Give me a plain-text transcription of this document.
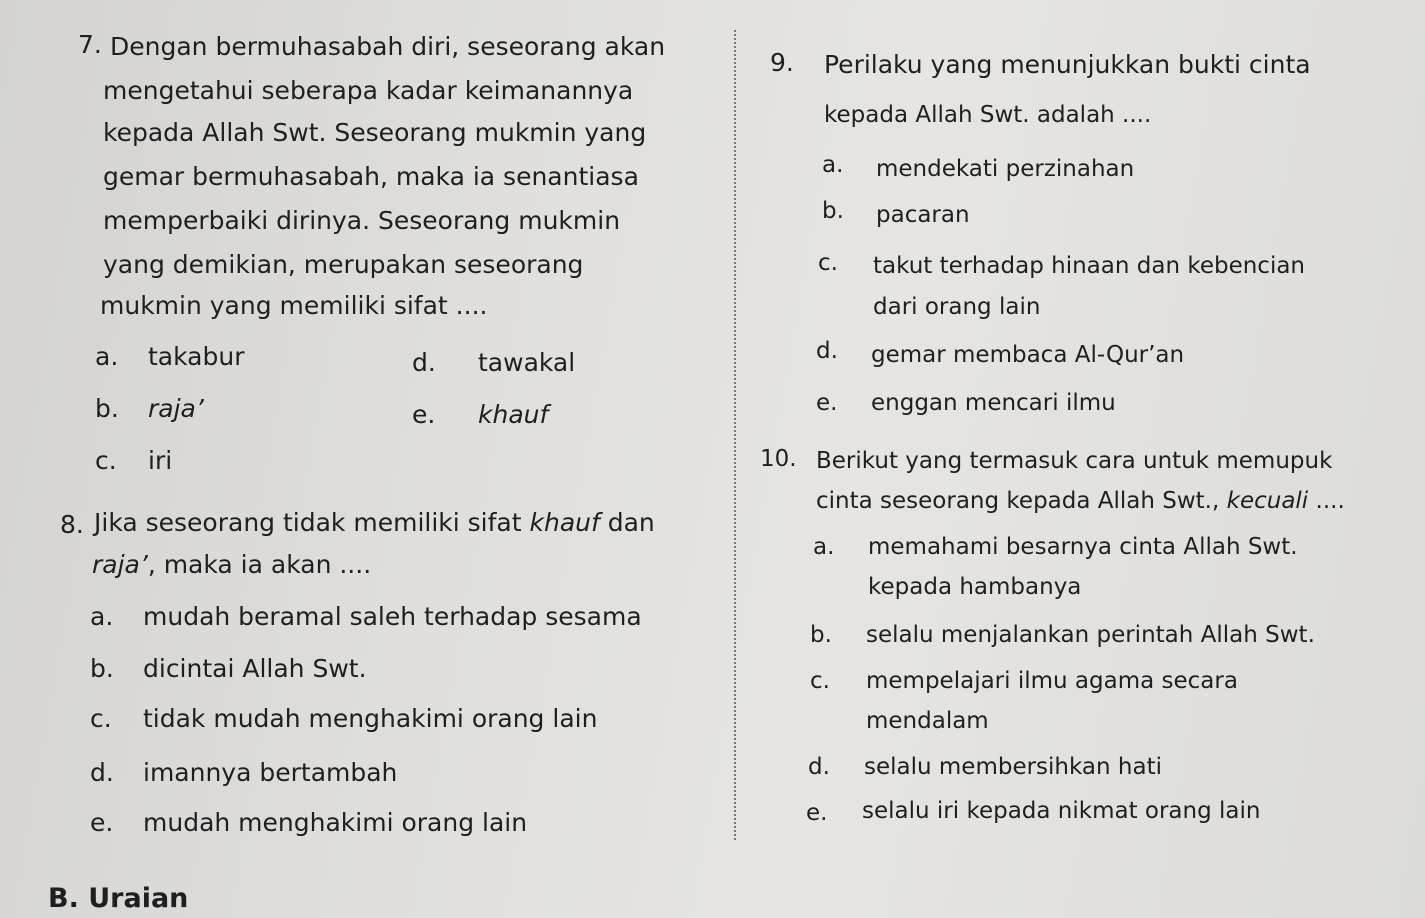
7. Dengan bermuhasabah diri, seseorang akan
mengetahui seberapa kadar keimanannya
kepada Allah Swt. Seseorang mukmin yang
gemar bermuhasabah, maka ia senantiasa
memperbaiki dirinya. Seseorang mukmin
yang demikian, merupakan seseorang
mukmin yang memiliki sifat ....
a. takabur
b. raja’
c. iri
d. tawakal
e. khauf
8. Jika seseorang tidak memiliki sifat khauf dan
raja’, maka ia akan ....
a. mudah beramal saleh terhadap sesama
b. dicintai Allah Swt.
c. tidak mudah menghakimi orang lain
d. imannya bertambah
e. mudah menghakimi orang lain
9. Perilaku yang menunjukkan bukti cinta
kepada Allah Swt. adalah ....
a. mendekati perzinahan
b. pacaran
c. takut terhadap hinaan dan kebencian
dari orang lain
d. gemar membaca Al-Qur’an
e. enggan mencari ilmu
10. Berikut yang termasuk cara untuk memupuk
cinta seseorang kepada Allah Swt., kecuali ....
a. memahami besarnya cinta Allah Swt.
kepada hambanya
b. selalu menjalankan perintah Allah Swt.
c. mempelajari ilmu agama secara
mendalam
d. selalu membersihkan hati
e. selalu iri kepada nikmat orang lain
B. Uraian
